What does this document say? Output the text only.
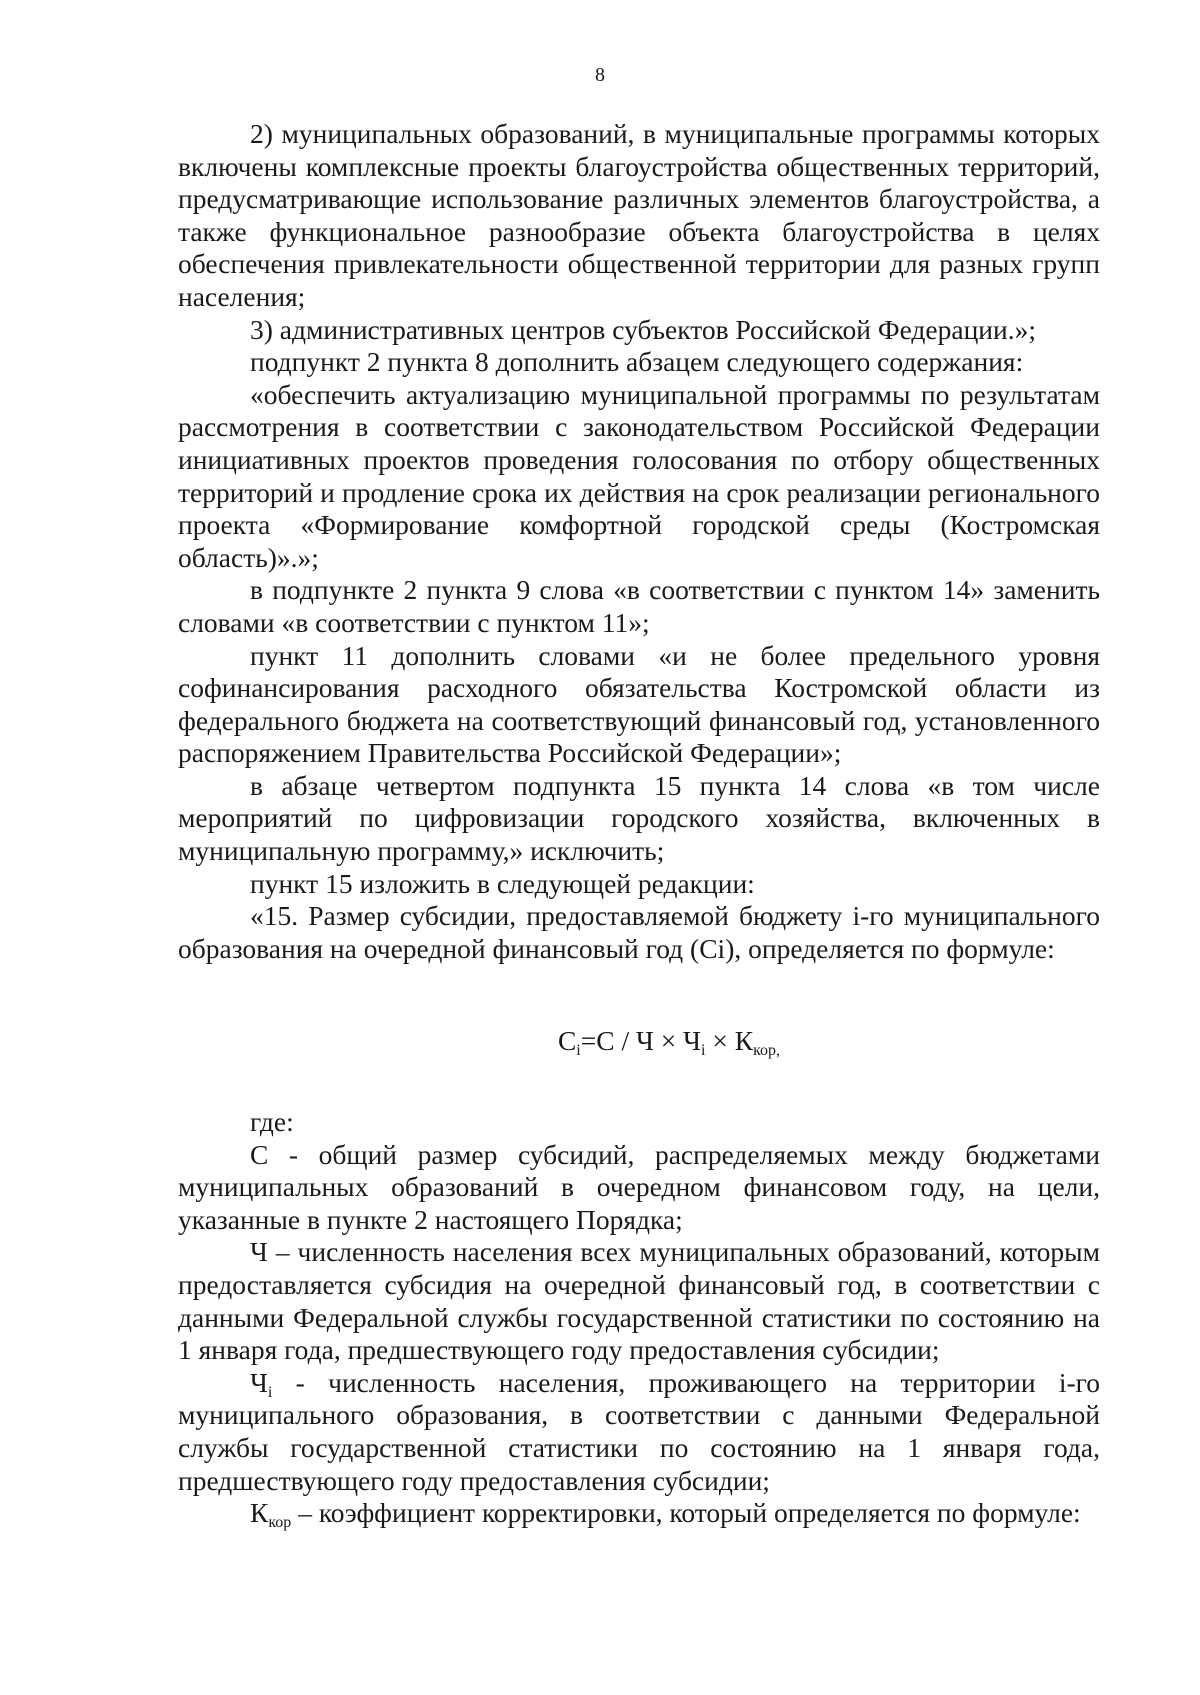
8

2) муниципальных образований, в муниципальные программы которых включены комплексные проекты благоустройства общественных территорий, предусматривающие использование различных элементов благоустройства, а также функциональное разнообразие объекта благоустройства в целях обеспечения привлекательности общественной территории для разных групп населения;

3) административных центров субъектов Российской Федерации.»;

подпункт 2 пункта 8 дополнить абзацем следующего содержания:

«обеспечить актуализацию муниципальной программы по результатам рассмотрения в соответствии с законодательством Российской Федерации инициативных проектов проведения голосования по отбору общественных территорий и продление срока их действия на срок реализации регионального проекта «Формирование комфортной городской среды (Костромская область)».»;

в подпункте 2 пункта 9 слова «в соответствии с пунктом 14» заменить словами «в соответствии с пунктом 11»;

пункт 11 дополнить словами «и не более предельного уровня софинансирования расходного обязательства Костромской области из федерального бюджета на соответствующий финансовый год, установленного распоряжением Правительства Российской Федерации»;

в абзаце четвертом подпункта 15 пункта 14 слова «в том числе мероприятий по цифровизации городского хозяйства, включенных в муниципальную программу,» исключить;

пункт 15 изложить в следующей редакции:

«15. Размер субсидии, предоставляемой бюджету i-го муниципального образования на очередной финансовый год (Сi), определяется по формуле:

$С_i=С / Ч \times Ч_i \times К_{кор,}$

где:

С - общий размер субсидий, распределяемых между бюджетами муниципальных образований в очередном финансовом году, на цели, указанные в пункте 2 настоящего Порядка;

Ч – численность населения всех муниципальных образований, которым предоставляется субсидия на очередной финансовый год, в соответствии с данными Федеральной службы государственной статистики по состоянию на 1 января года, предшествующего году предоставления субсидии;

Чi - численность населения, проживающего на территории i-го муниципального образования, в соответствии с данными Федеральной службы государственной статистики по состоянию на 1 января года, предшествующего году предоставления субсидии;

Ккор – коэффициент корректировки, который определяется по формуле:
